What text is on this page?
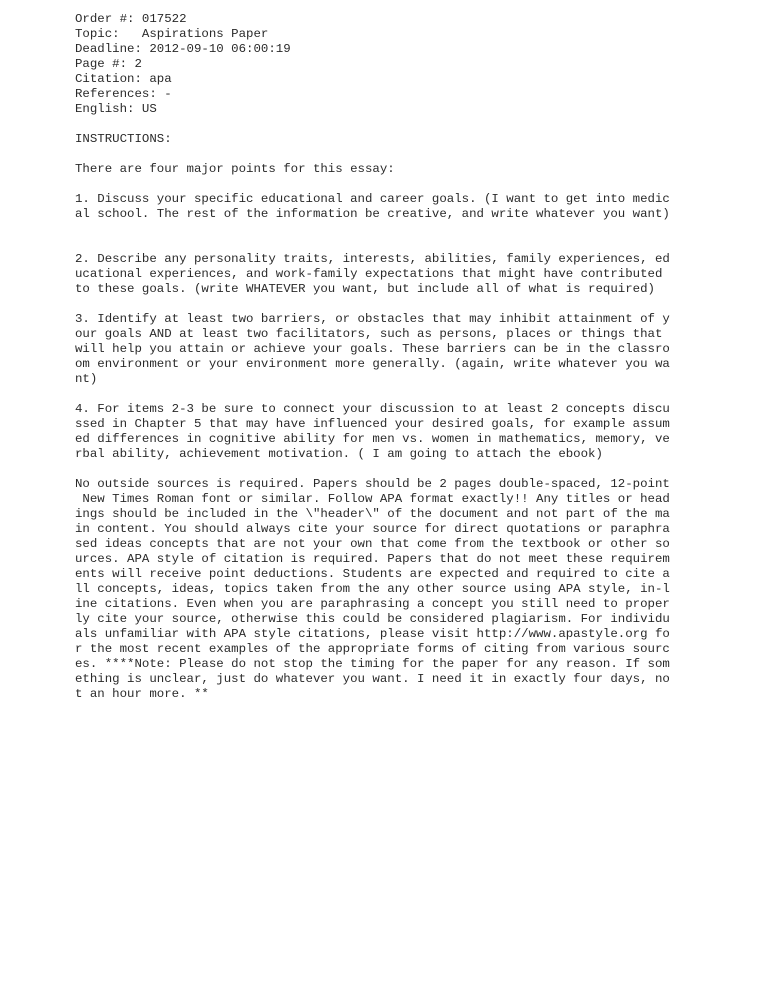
Order #: 017522
Topic:   Aspirations Paper
Deadline: 2012-09-10 06:00:19
Page #: 2
Citation: apa
References: -
English: US
INSTRUCTIONS:
There are four major points for this essay:
1. Discuss your specific educational and career goals. (I want to get into medic
al school. The rest of the information be creative, and write whatever you want)
2. Describe any personality traits, interests, abilities, family experiences, ed
ucational experiences, and work-family expectations that might have contributed
to these goals. (write WHATEVER you want, but include all of what is required)
3. Identify at least two barriers, or obstacles that may inhibit attainment of y
our goals AND at least two facilitators, such as persons, places or things that
will help you attain or achieve your goals. These barriers can be in the classro
om environment or your environment more generally. (again, write whatever you wa
nt)
4. For items 2-3 be sure to connect your discussion to at least 2 concepts discu
ssed in Chapter 5 that may have influenced your desired goals, for example assum
ed differences in cognitive ability for men vs. women in mathematics, memory, ve
rbal ability, achievement motivation. ( I am going to attach the ebook)
No outside sources is required. Papers should be 2 pages double-spaced, 12-point
New Times Roman font or similar. Follow APA format exactly!! Any titles or head
ings should be included in the \"header\" of the document and not part of the ma
in content. You should always cite your source for direct quotations or paraphra
sed ideas concepts that are not your own that come from the textbook or other so
urces. APA style of citation is required. Papers that do not meet these requirem
ents will receive point deductions. Students are expected and required to cite a
ll concepts, ideas, topics taken from the any other source using APA style, in-l
ine citations. Even when you are paraphrasing a concept you still need to proper
ly cite your source, otherwise this could be considered plagiarism. For individu
als unfamiliar with APA style citations, please visit http://www.apastyle.org fo
r the most recent examples of the appropriate forms of citing from various sourc
es. ****Note: Please do not stop the timing for the paper for any reason. If som
ething is unclear, just do whatever you want. I need it in exactly four days, no
t an hour more. **
